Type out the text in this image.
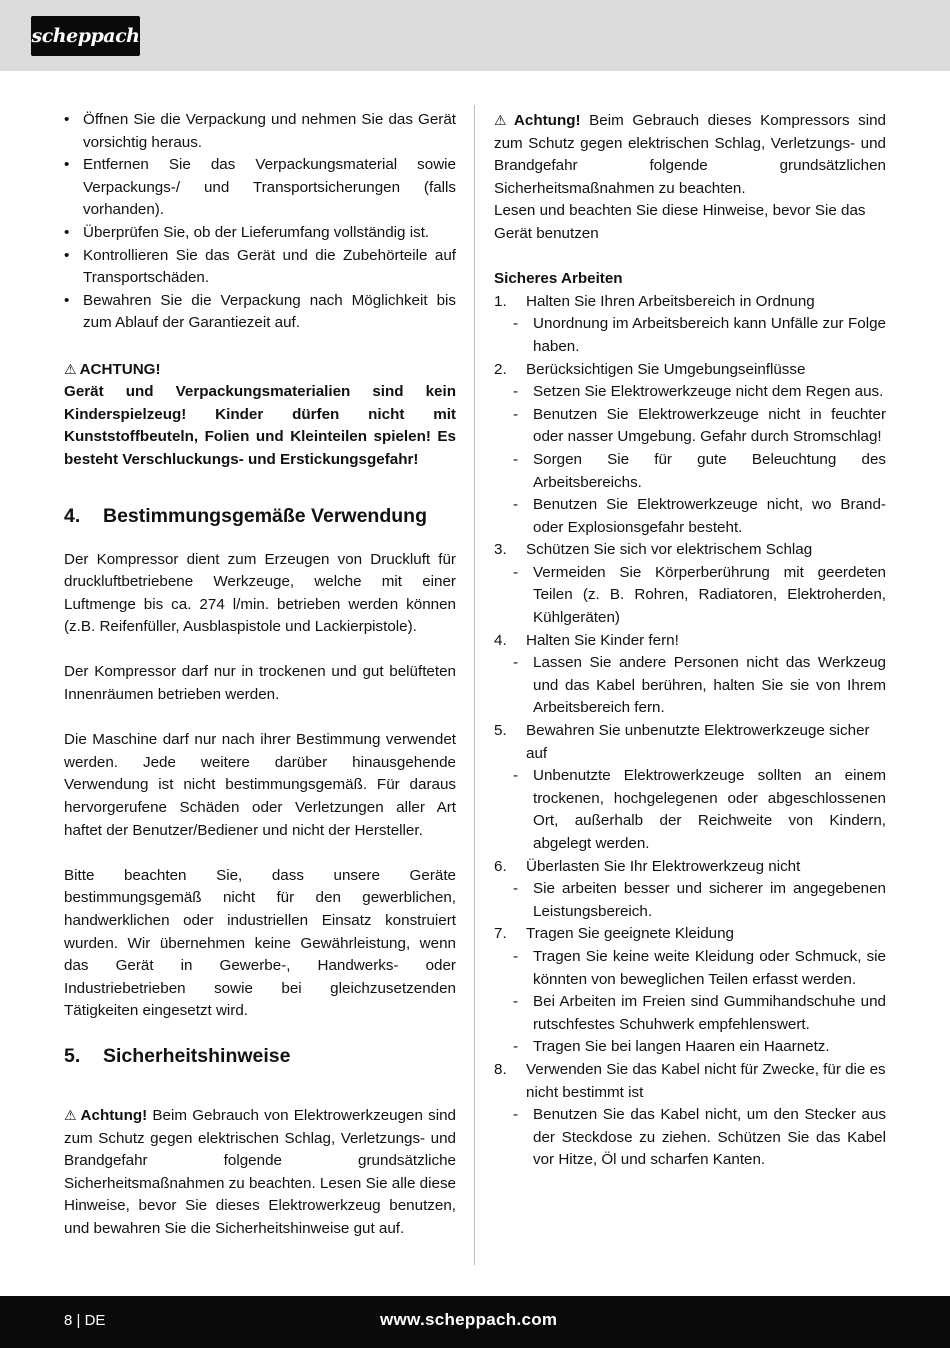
scheppach
• Öffnen Sie die Verpackung und nehmen Sie das Gerät vorsichtig heraus.
• Entfernen Sie das Verpackungsmaterial sowie Verpackungs-/ und Transportsicherungen (falls vorhanden).
• Überprüfen Sie, ob der Lieferumfang vollständig ist.
• Kontrollieren Sie das Gerät und die Zubehörteile auf Transportschäden.
• Bewahren Sie die Verpackung nach Möglichkeit bis zum Ablauf der Garantiezeit auf.

⚠ ACHTUNG!

Gerät und Verpackungsmaterialien sind kein Kinderspielzeug! Kinder dürfen nicht mit Kunststoffbeuteln, Folien und Kleinteilen spielen! Es besteht Verschluckungs- und Erstickungsgefahr!

4.	Bestimmungsgemäße Verwendung

Der Kompressor dient zum Erzeugen von Druckluft für druckluftbetriebene Werkzeuge, welche mit einer Luftmenge bis ca. 274 l/min. betrieben werden können (z.B. Reifenfüller, Ausblaspistole und Lackierpistole).

Der Kompressor darf nur in trockenen und gut belüfteten Innenräumen betrieben werden.

Die Maschine darf nur nach ihrer Bestimmung verwendet werden. Jede weitere darüber hinausgehende Verwendung ist nicht bestimmungsgemäß. Für daraus hervorgerufene Schäden oder Verletzungen aller Art haftet der Benutzer/Bediener und nicht der Hersteller.

Bitte beachten Sie, dass unsere Geräte bestimmungsgemäß nicht für den gewerblichen, handwerklichen oder industriellen Einsatz konstruiert wurden. Wir übernehmen keine Gewährleistung, wenn das Gerät in Gewerbe-, Handwerks- oder Industriebetrieben sowie bei gleichzusetzenden Tätigkeiten eingesetzt wird.

5.	Sicherheitshinweise

⚠ Achtung! Beim Gebrauch von Elektrowerkzeugen sind zum Schutz gegen elektrischen Schlag, Verletzungs- und Brandgefahr folgende grundsätzliche Sicherheitsmaßnahmen zu beachten. Lesen Sie alle diese Hinweise, bevor Sie dieses Elektrowerkzeug benutzen, und bewahren Sie die Sicherheitshinweise gut auf.

⚠ Achtung! Beim Gebrauch dieses Kompressors sind zum Schutz gegen elektrischen Schlag, Verletzungs- und Brandgefahr folgende grundsätzlichen Sicherheitsmaßnahmen zu beachten.

Lesen und beachten Sie diese Hinweise, bevor Sie das Gerät benutzen

Sicheres Arbeiten

1. Halten Sie Ihren Arbeitsbereich in Ordnung
- Unordnung im Arbeitsbereich kann Unfälle zur Folge haben.
2. Berücksichtigen Sie Umgebungseinflüsse
- Setzen Sie Elektrowerkzeuge nicht dem Regen aus.
- Benutzen Sie Elektrowerkzeuge nicht in feuchter oder nasser Umgebung. Gefahr durch Stromschlag!
- Sorgen Sie für gute Beleuchtung des Arbeitsbereichs.
- Benutzen Sie Elektrowerkzeuge nicht, wo Brand- oder Explosionsgefahr besteht.
3. Schützen Sie sich vor elektrischem Schlag
- Vermeiden Sie Körperberührung mit geerdeten Teilen (z. B. Rohren, Radiatoren, Elektroherden, Kühlgeräten)
4. Halten Sie Kinder fern!
- Lassen Sie andere Personen nicht das Werkzeug und das Kabel berühren, halten Sie sie von Ihrem Arbeitsbereich fern.
5. Bewahren Sie unbenutzte Elektrowerkzeuge sicher auf
- Unbenutzte Elektrowerkzeuge sollten an einem trockenen, hochgelegenen oder abgeschlossenen Ort, außerhalb der Reichweite von Kindern, abgelegt werden.
6. Überlasten Sie Ihr Elektrowerkzeug nicht
- Sie arbeiten besser und sicherer im angegebenen Leistungsbereich.
7. Tragen Sie geeignete Kleidung
- Tragen Sie keine weite Kleidung oder Schmuck, sie könnten von beweglichen Teilen erfasst werden.
- Bei Arbeiten im Freien sind Gummihandschuhe und rutschfestes Schuhwerk empfehlenswert.
- Tragen Sie bei langen Haaren ein Haarnetz.
8. Verwenden Sie das Kabel nicht für Zwecke, für die es nicht bestimmt ist
- Benutzen Sie das Kabel nicht, um den Stecker aus der Steckdose zu ziehen. Schützen Sie das Kabel vor Hitze, Öl und scharfen Kanten.
8 | DE	www.scheppach.com
